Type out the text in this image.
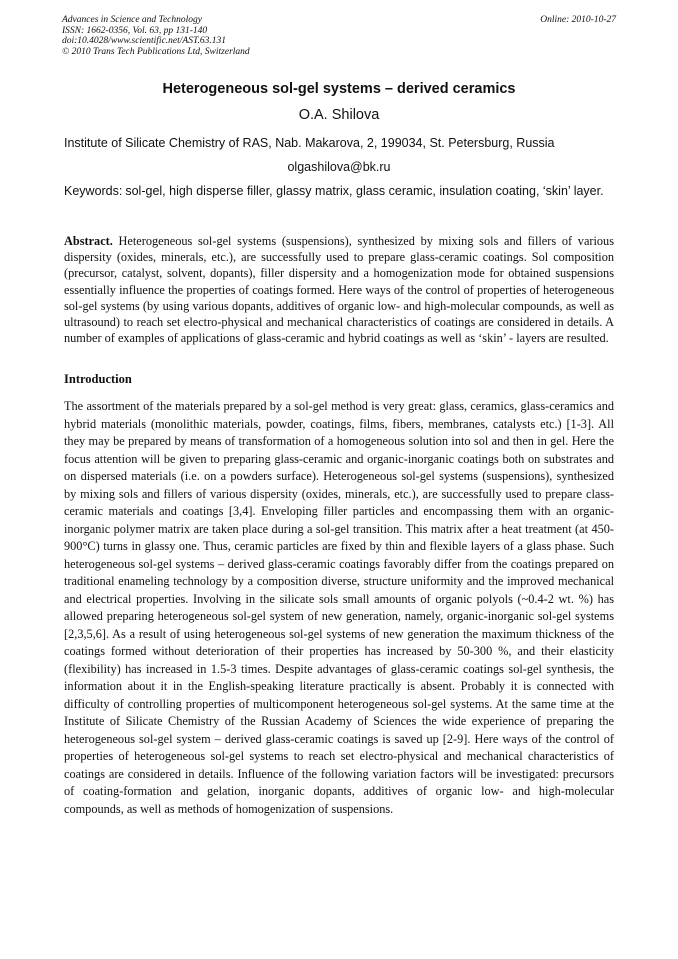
Advances in Science and Technology
ISSN: 1662-0356, Vol. 63, pp 131-140
doi:10.4028/www.scientific.net/AST.63.131
© 2010 Trans Tech Publications Ltd, Switzerland
Online: 2010-10-27
Heterogeneous sol-gel systems – derived ceramics
O.A. Shilova
Institute of Silicate Chemistry of RAS, Nab. Makarova, 2, 199034, St. Petersburg, Russia
olgashilova@bk.ru
Keywords: sol-gel, high disperse filler, glassy matrix, glass ceramic, insulation coating, ‘skin’ layer.

Abstract. Heterogeneous sol-gel systems (suspensions), synthesized by mixing sols and fillers of various dispersity (oxides, minerals, etc.), are successfully used to prepare glass-ceramic coatings. Sol composition (precursor, catalyst, solvent, dopants), filler dispersity and a homogenization mode for obtained suspensions essentially influence the properties of coatings formed. Here ways of the control of properties of heterogeneous sol-gel systems (by using various dopants, additives of organic low- and high-molecular compounds, as well as ultrasound) to reach set electro-physical and mechanical characteristics of coatings are considered in details. A number of examples of applications of glass-ceramic and hybrid coatings as well as ‘skin’ - layers are resulted.

Introduction

The assortment of the materials prepared by a sol-gel method is very great: glass, ceramics, glass-ceramics and hybrid materials (monolithic materials, powder, coatings, films, fibers, membranes, catalysts etc.) [1-3]. All they may be prepared by means of transformation of a homogeneous solution into sol and then in gel. Here the focus attention will be given to preparing glass-ceramic and organic-inorganic coatings both on substrates and on dispersed materials (i.e. on a powders surface). Heterogeneous sol-gel systems (suspensions), synthesized by mixing sols and fillers of various dispersity (oxides, minerals, etc.), are successfully used to prepare class-ceramic materials and coatings [3,4]. Enveloping filler particles and encompassing them with an organic-inorganic polymer matrix are taken place during a sol-gel transition. This matrix after a heat treatment (at 450-900°C) turns in glassy one. Thus, ceramic particles are fixed by thin and flexible layers of a glass phase. Such heterogeneous sol-gel systems – derived glass-ceramic coatings favorably differ from the coatings prepared on traditional enameling technology by a composition diverse, structure uniformity and the improved mechanical and electrical properties. Involving in the silicate sols small amounts of organic polyols (~0.4-2 wt. %) has allowed preparing heterogeneous sol-gel system of new generation, namely, organic-inorganic sol-gel systems [2,3,5,6]. As a result of using heterogeneous sol-gel systems of new generation the maximum thickness of the coatings formed without deterioration of their properties has increased by 50-300 %, and their elasticity (flexibility) has increased in 1.5-3 times. Despite advantages of glass-ceramic coatings sol-gel synthesis, the information about it in the English-speaking literature practically is absent. Probably it is connected with difficulty of controlling properties of multicomponent heterogeneous sol-gel systems. At the same time at the Institute of Silicate Chemistry of the Russian Academy of Sciences the wide experience of preparing the heterogeneous sol-gel system – derived glass-ceramic coatings is saved up [2-9]. Here ways of the control of properties of heterogeneous sol-gel systems to reach set electro-physical and mechanical characteristics of coatings are considered in details. Influence of the following variation factors will be investigated: precursors of coating-formation and gelation, inorganic dopants, additives of organic low- and high-molecular compounds, as well as methods of homogenization of suspensions.
